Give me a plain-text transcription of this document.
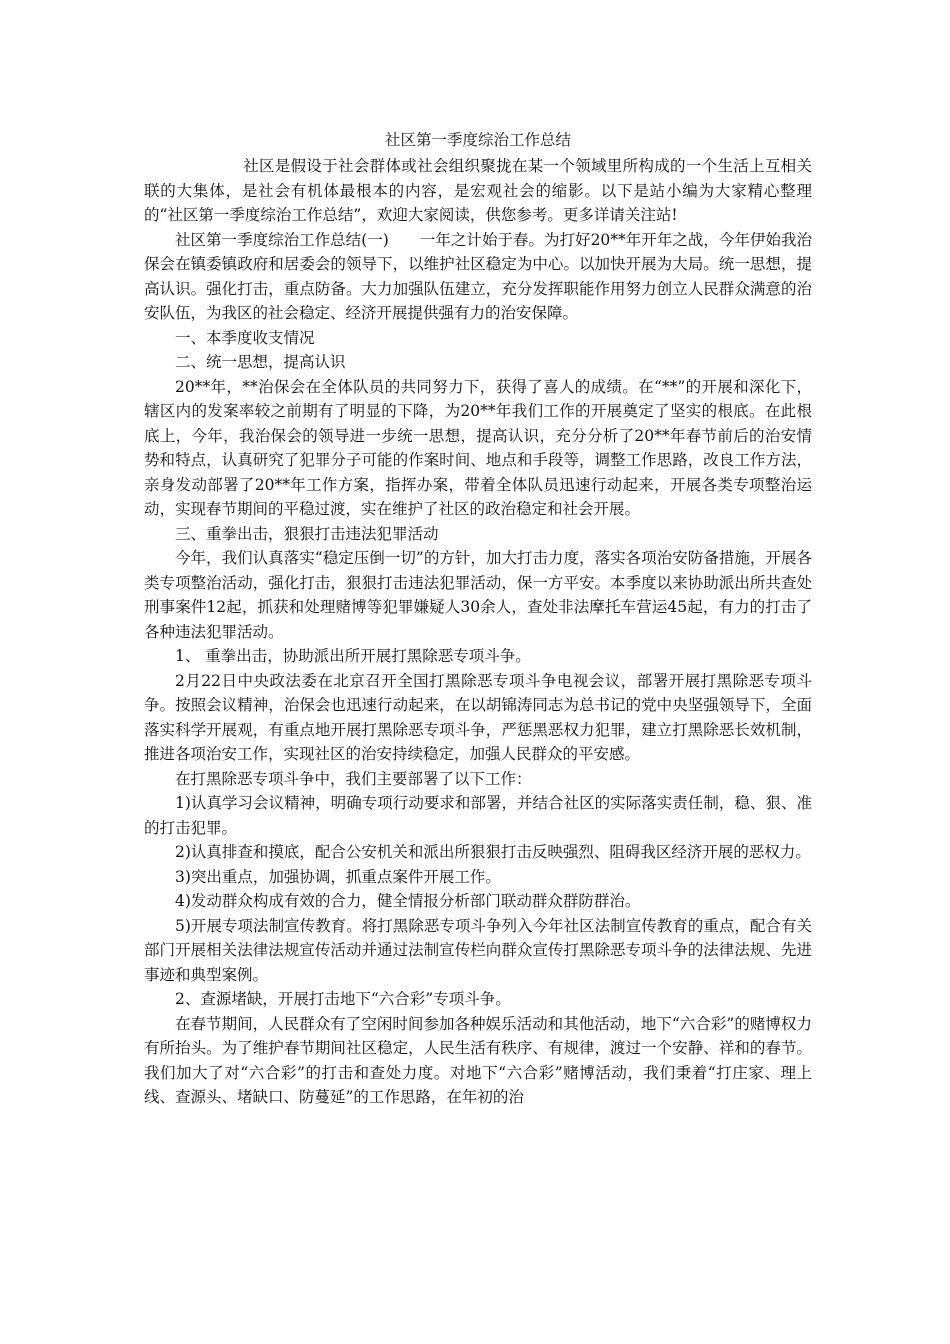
社区第一季度综治工作总结

社区是假设于社会群体或社会组织聚拢在某一个领域里所构成的一个生活上互相关联的大集体，是社会有机体最根本的内容，是宏观社会的缩影。以下是站小编为大家精心整理的“社区第一季度综治工作总结”，欢迎大家阅读，供您参考。更多详请关注站!

社区第一季度综治工作总结(一)　　一年之计始于春。为打好20**年开年之战，今年伊始我治保会在镇委镇政府和居委会的领导下，以维护社区稳定为中心。以加快开展为大局。统一思想，提高认识。强化打击，重点防备。大力加强队伍建立，充分发挥职能作用努力创立人民群众满意的治安队伍，为我区的社会稳定、经济开展提供强有力的治安保障。

一、本季度收支情况

二、统一思想，提高认识

20**年，**治保会在全体队员的共同努力下，获得了喜人的成绩。在“**”的开展和深化下，辖区内的发案率较之前期有了明显的下降，为20**年我们工作的开展奠定了坚实的根底。在此根底上，今年，我治保会的领导进一步统一思想，提高认识，充分分析了20**年春节前后的治安情势和特点，认真研究了犯罪分子可能的作案时间、地点和手段等，调整工作思路，改良工作方法，亲身发动部署了20**年工作方案，指挥办案，带着全体队员迅速行动起来，开展各类专项整治运动，实现春节期间的平稳过渡，实在维护了社区的政治稳定和社会开展。

三、重拳出击，狠狠打击违法犯罪活动

今年，我们认真落实“稳定压倒一切”的方针，加大打击力度，落实各项治安防备措施，开展各类专项整治活动，强化打击，狠狠打击违法犯罪活动，保一方平安。本季度以来协助派出所共查处刑事案件12起，抓获和处理赌博等犯罪嫌疑人30余人，查处非法摩托车营运45起，有力的打击了各种违法犯罪活动。

1、 重拳出击，协助派出所开展打黑除恶专项斗争。

2月22日中央政法委在北京召开全国打黑除恶专项斗争电视会议，部署开展打黑除恶专项斗争。按照会议精神，治保会也迅速行动起来，在以胡锦涛同志为总书记的党中央坚强领导下，全面落实科学开展观，有重点地开展打黑除恶专项斗争，严惩黑恶权力犯罪，建立打黑除恶长效机制，推进各项治安工作，实现社区的治安持续稳定，加强人民群众的平安感。

在打黑除恶专项斗争中，我们主要部署了以下工作：

1)认真学习会议精神，明确专项行动要求和部署，并结合社区的实际落实责任制，稳、狠、准的打击犯罪。

2)认真排查和摸底，配合公安机关和派出所狠狠打击反映强烈、阻碍我区经济开展的恶权力。

3)突出重点，加强协调，抓重点案件开展工作。

4)发动群众构成有效的合力，健全情报分析部门联动群众群防群治。

5)开展专项法制宣传教育。将打黑除恶专项斗争列入今年社区法制宣传教育的重点，配合有关部门开展相关法律法规宣传活动并通过法制宣传栏向群众宣传打黑除恶专项斗争的法律法规、先进事迹和典型案例。

2、查源堵缺，开展打击地下“六合彩”专项斗争。

在春节期间，人民群众有了空闲时间参加各种娱乐活动和其他活动，地下“六合彩”的赌博权力有所抬头。为了维护春节期间社区稳定，人民生活有秩序、有规律，渡过一个安静、祥和的春节。我们加大了对“六合彩”的打击和查处力度。对地下“六合彩”赌博活动，我们秉着“打庄家、理上线、查源头、堵缺口、防蔓延”的工作思路，在年初的治
